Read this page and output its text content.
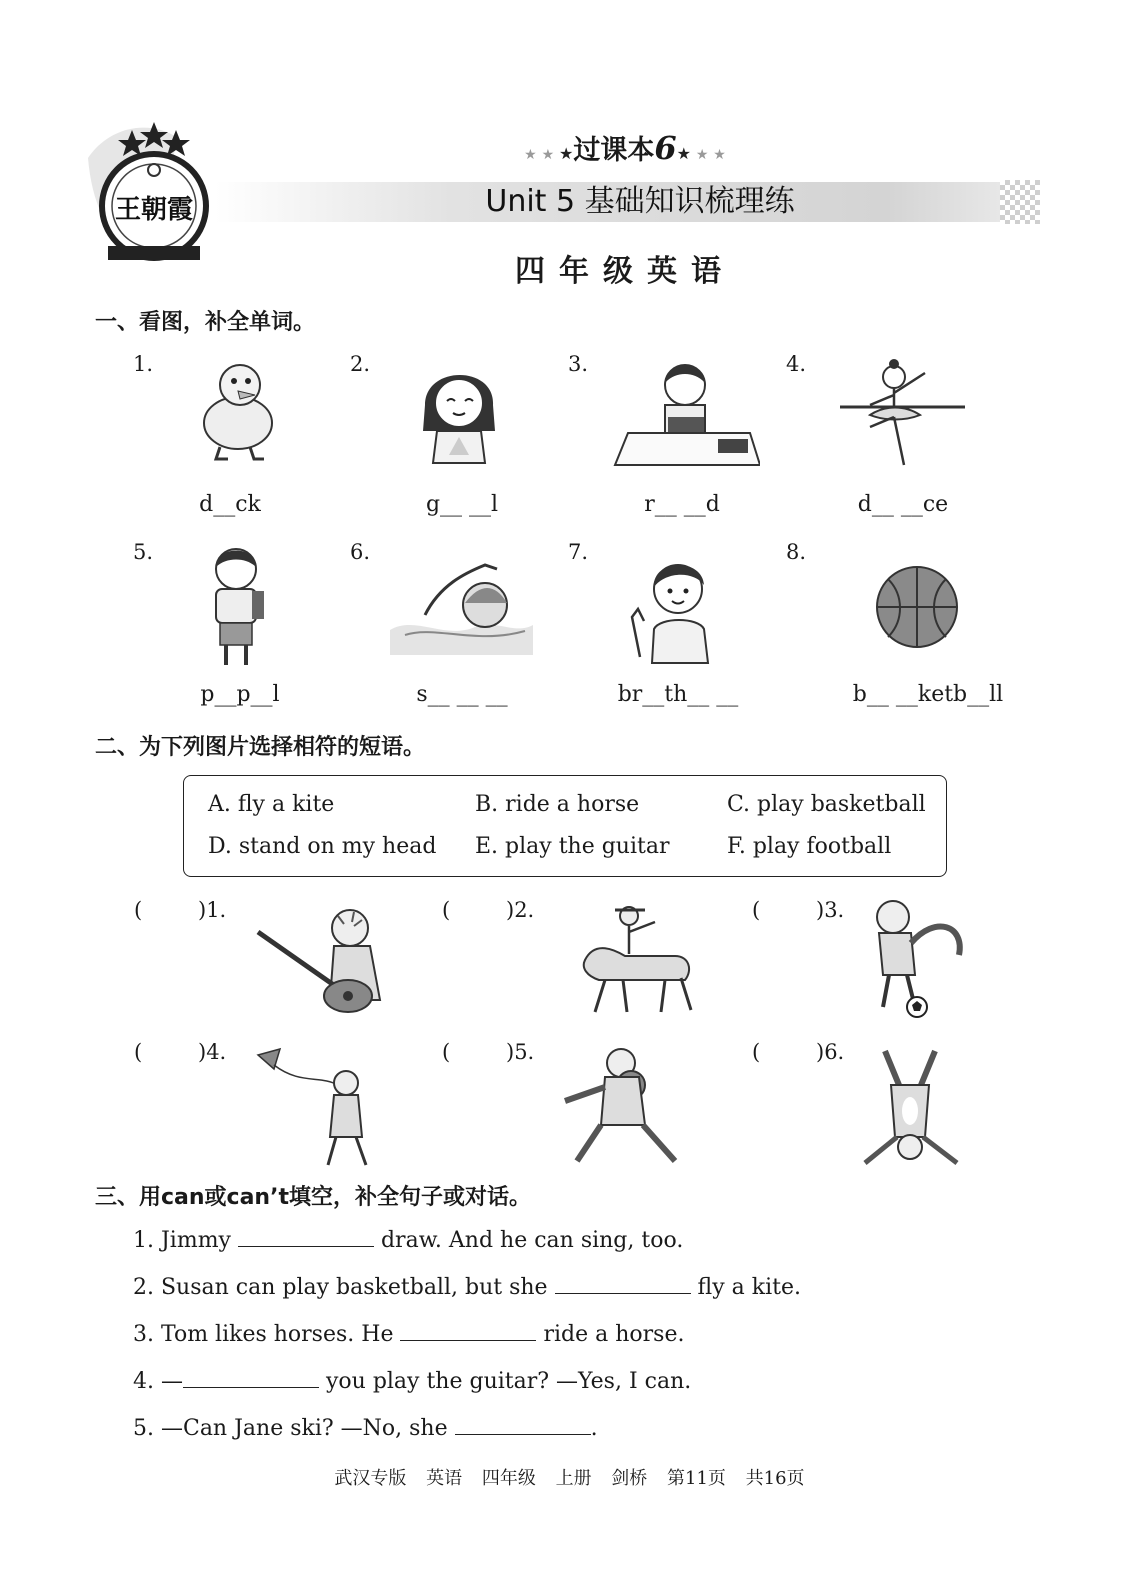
王朝霞
★ ★ ★过课本6★ ★ ★
Unit 5 基础知识梳理练
四年级英语
一、看图，补全单词。
1.	2.	3.	4.
d__ck	g__ __l	r__ __d	d__ __ce
5.	6.	7.	8.
p__p__l	s__ __ __	br__th__ __	b__ __ketb__ll
二、为下列图片选择相符的短语。
A. fly a kite	B. ride a horse	C. play basketball
D. stand on my head E. play the guitar	F. play football
(	)1.	(	)2.	(	)3.
(	)4.	(	)5.	(	)6.
三、用can或can’t填空，补全句子或对话。
1. Jimmy	draw. And he can sing, too.
2. Susan can play basketball, but she	fly a kite.
3. Tom likes horses. He	ride a horse.
4. —	you play the guitar? —Yes, I can.
5. —Can Jane ski? —No, she	.
武汉专版 英语 四年级 上册 剑桥 第11页 共16页
